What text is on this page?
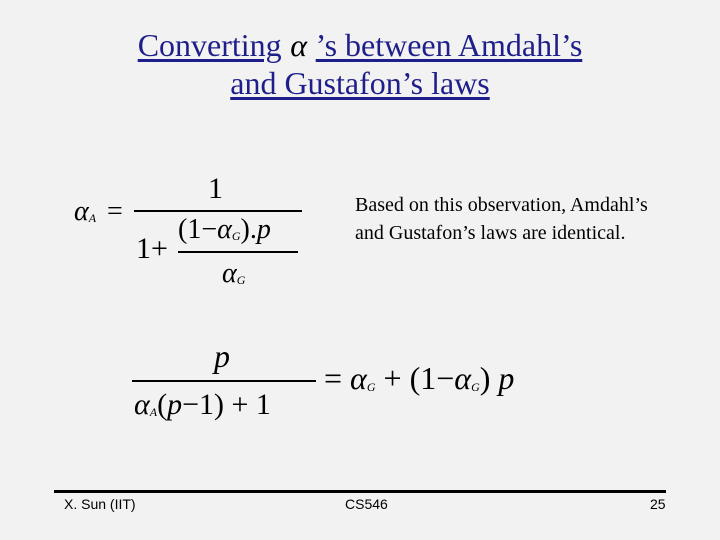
Converting α ’s between Amdahl’s
and Gustafon’s laws
αA =
1
1+
(1−αG).p
αG
Based on this observation, Amdahl’s and Gustafon’s laws are identical.
p
αA(p−1) + 1
= αG + (1−αG) p
X. Sun (IIT)	CS546	25
